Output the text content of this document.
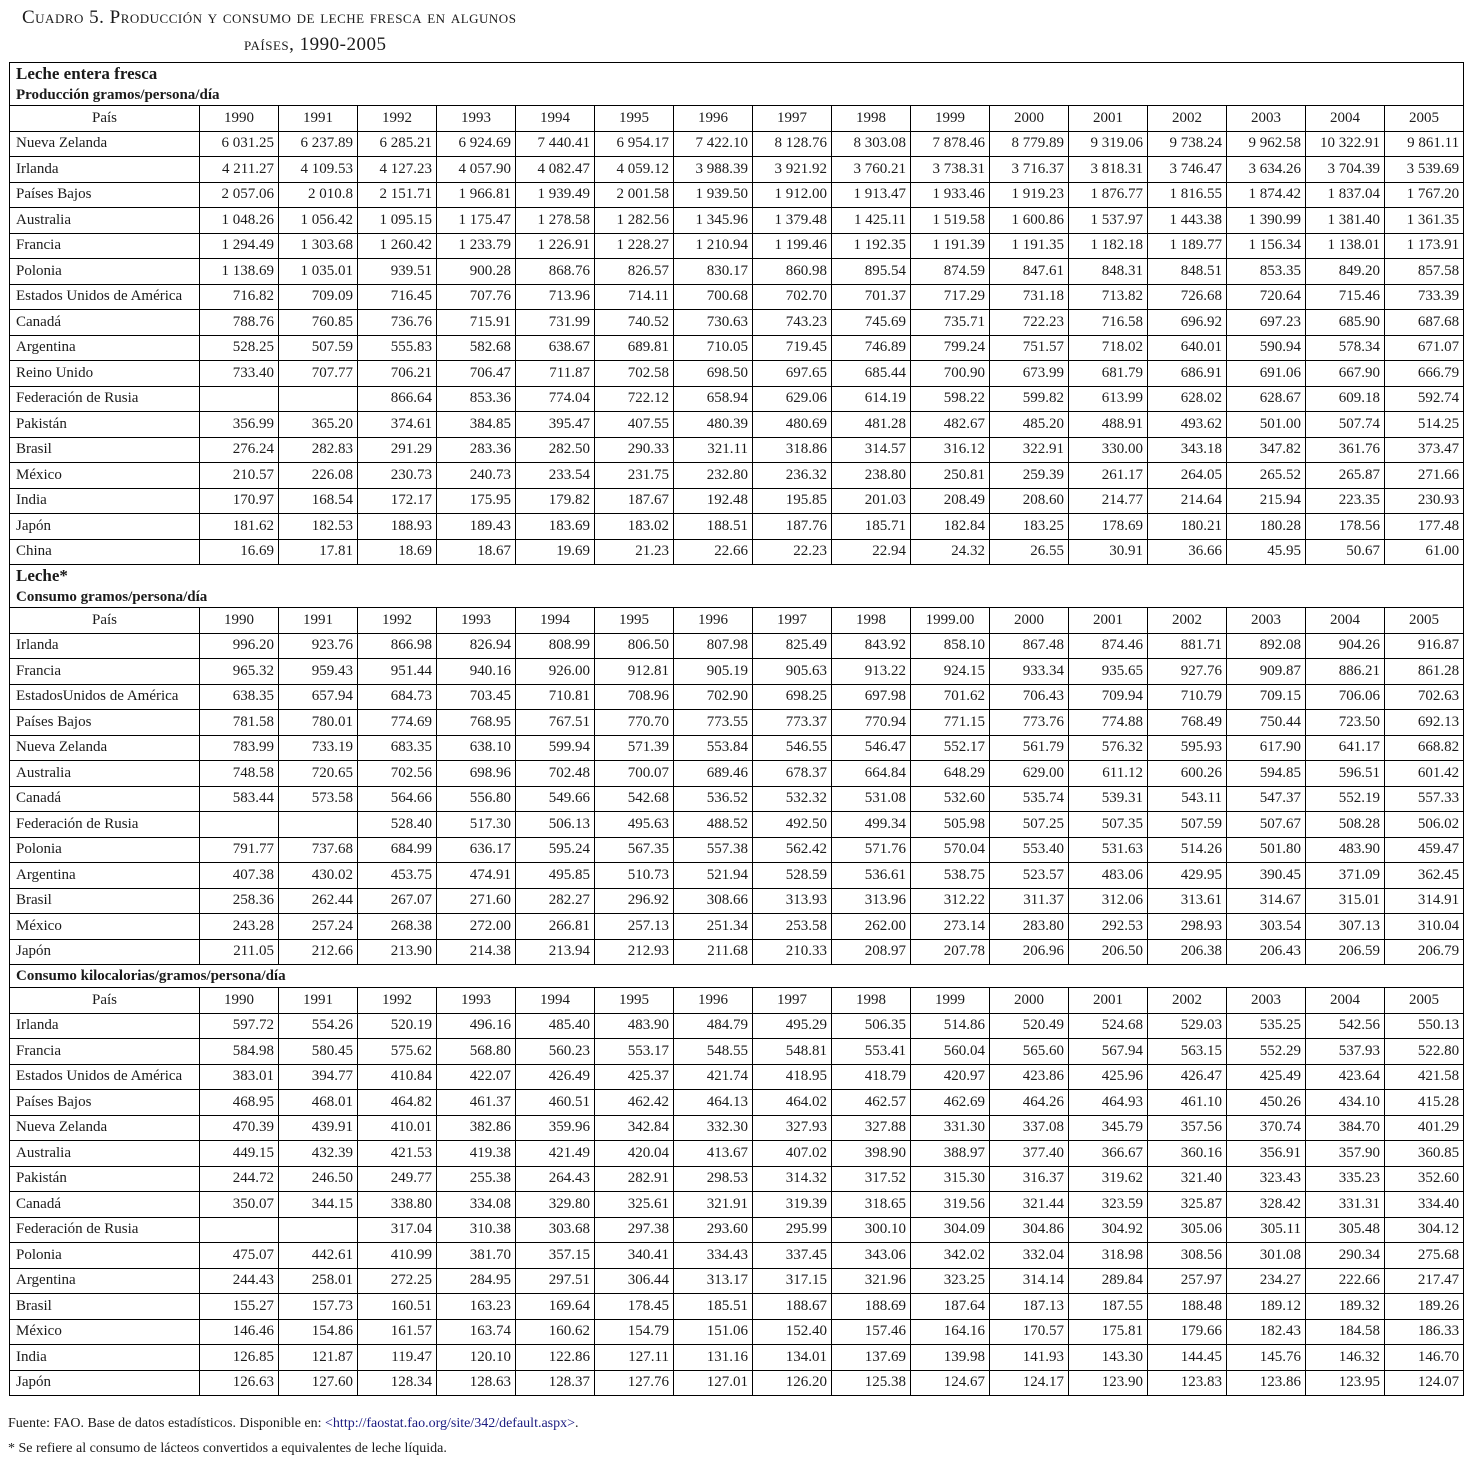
Cuadro 5. Producción y consumo de leche fresca en algunos
países, 1990-2005
Leche entera fresca																
Producción gramos/persona/día																
País	1990	1991	1992	1993	1994	1995	1996	1997	1998	1999	2000	2001	2002	2003	2004	2005
Nueva Zelanda	6 031.25	6 237.89	6 285.21	6 924.69	7 440.41	6 954.17	7 422.10	8 128.76	8 303.08	7 878.46	8 779.89	9 319.06	9 738.24	9 962.58	10 322.91	9 861.11
Irlanda	4 211.27	4 109.53	4 127.23	4 057.90	4 082.47	4 059.12	3 988.39	3 921.92	3 760.21	3 738.31	3 716.37	3 818.31	3 746.47	3 634.26	3 704.39	3 539.69
Países Bajos	2 057.06	2 010.8	2 151.71	1 966.81	1 939.49	2 001.58	1 939.50	1 912.00	1 913.47	1 933.46	1 919.23	1 876.77	1 816.55	1 874.42	1 837.04	1 767.20
Australia	1 048.26	1 056.42	1 095.15	1 175.47	1 278.58	1 282.56	1 345.96	1 379.48	1 425.11	1 519.58	1 600.86	1 537.97	1 443.38	1 390.99	1 381.40	1 361.35
Francia	1 294.49	1 303.68	1 260.42	1 233.79	1 226.91	1 228.27	1 210.94	1 199.46	1 192.35	1 191.39	1 191.35	1 182.18	1 189.77	1 156.34	1 138.01	1 173.91
Polonia	1 138.69	1 035.01	939.51	900.28	868.76	826.57	830.17	860.98	895.54	874.59	847.61	848.31	848.51	853.35	849.20	857.58
Estados Unidos de América	716.82	709.09	716.45	707.76	713.96	714.11	700.68	702.70	701.37	717.29	731.18	713.82	726.68	720.64	715.46	733.39
Canadá	788.76	760.85	736.76	715.91	731.99	740.52	730.63	743.23	745.69	735.71	722.23	716.58	696.92	697.23	685.90	687.68
Argentina	528.25	507.59	555.83	582.68	638.67	689.81	710.05	719.45	746.89	799.24	751.57	718.02	640.01	590.94	578.34	671.07
Reino Unido	733.40	707.77	706.21	706.47	711.87	702.58	698.50	697.65	685.44	700.90	673.99	681.79	686.91	691.06	667.90	666.79
Federación de Rusia			866.64	853.36	774.04	722.12	658.94	629.06	614.19	598.22	599.82	613.99	628.02	628.67	609.18	592.74
Pakistán	356.99	365.20	374.61	384.85	395.47	407.55	480.39	480.69	481.28	482.67	485.20	488.91	493.62	501.00	507.74	514.25
Brasil	276.24	282.83	291.29	283.36	282.50	290.33	321.11	318.86	314.57	316.12	322.91	330.00	343.18	347.82	361.76	373.47
México	210.57	226.08	230.73	240.73	233.54	231.75	232.80	236.32	238.80	250.81	259.39	261.17	264.05	265.52	265.87	271.66
India	170.97	168.54	172.17	175.95	179.82	187.67	192.48	195.85	201.03	208.49	208.60	214.77	214.64	215.94	223.35	230.93
Japón	181.62	182.53	188.93	189.43	183.69	183.02	188.51	187.76	185.71	182.84	183.25	178.69	180.21	180.28	178.56	177.48
China	16.69	17.81	18.69	18.67	19.69	21.23	22.66	22.23	22.94	24.32	26.55	30.91	36.66	45.95	50.67	61.00
Leche*																
Consumo gramos/persona/día																
País	1990	1991	1992	1993	1994	1995	1996	1997	1998	1999.00	2000	2001	2002	2003	2004	2005
Irlanda	996.20	923.76	866.98	826.94	808.99	806.50	807.98	825.49	843.92	858.10	867.48	874.46	881.71	892.08	904.26	916.87
Francia	965.32	959.43	951.44	940.16	926.00	912.81	905.19	905.63	913.22	924.15	933.34	935.65	927.76	909.87	886.21	861.28
EstadosUnidos de América	638.35	657.94	684.73	703.45	710.81	708.96	702.90	698.25	697.98	701.62	706.43	709.94	710.79	709.15	706.06	702.63
Países Bajos	781.58	780.01	774.69	768.95	767.51	770.70	773.55	773.37	770.94	771.15	773.76	774.88	768.49	750.44	723.50	692.13
Nueva Zelanda	783.99	733.19	683.35	638.10	599.94	571.39	553.84	546.55	546.47	552.17	561.79	576.32	595.93	617.90	641.17	668.82
Australia	748.58	720.65	702.56	698.96	702.48	700.07	689.46	678.37	664.84	648.29	629.00	611.12	600.26	594.85	596.51	601.42
Canadá	583.44	573.58	564.66	556.80	549.66	542.68	536.52	532.32	531.08	532.60	535.74	539.31	543.11	547.37	552.19	557.33
Federación de Rusia			528.40	517.30	506.13	495.63	488.52	492.50	499.34	505.98	507.25	507.35	507.59	507.67	508.28	506.02
Polonia	791.77	737.68	684.99	636.17	595.24	567.35	557.38	562.42	571.76	570.04	553.40	531.63	514.26	501.80	483.90	459.47
Argentina	407.38	430.02	453.75	474.91	495.85	510.73	521.94	528.59	536.61	538.75	523.57	483.06	429.95	390.45	371.09	362.45
Brasil	258.36	262.44	267.07	271.60	282.27	296.92	308.66	313.93	313.96	312.22	311.37	312.06	313.61	314.67	315.01	314.91
México	243.28	257.24	268.38	272.00	266.81	257.13	251.34	253.58	262.00	273.14	283.80	292.53	298.93	303.54	307.13	310.04
Japón	211.05	212.66	213.90	214.38	213.94	212.93	211.68	210.33	208.97	207.78	206.96	206.50	206.38	206.43	206.59	206.79
Consumo kilocalorias/gramos/persona/día																
País	1990	1991	1992	1993	1994	1995	1996	1997	1998	1999	2000	2001	2002	2003	2004	2005
Irlanda	597.72	554.26	520.19	496.16	485.40	483.90	484.79	495.29	506.35	514.86	520.49	524.68	529.03	535.25	542.56	550.13
Francia	584.98	580.45	575.62	568.80	560.23	553.17	548.55	548.81	553.41	560.04	565.60	567.94	563.15	552.29	537.93	522.80
Estados Unidos de América	383.01	394.77	410.84	422.07	426.49	425.37	421.74	418.95	418.79	420.97	423.86	425.96	426.47	425.49	423.64	421.58
Países Bajos	468.95	468.01	464.82	461.37	460.51	462.42	464.13	464.02	462.57	462.69	464.26	464.93	461.10	450.26	434.10	415.28
Nueva Zelanda	470.39	439.91	410.01	382.86	359.96	342.84	332.30	327.93	327.88	331.30	337.08	345.79	357.56	370.74	384.70	401.29
Australia	449.15	432.39	421.53	419.38	421.49	420.04	413.67	407.02	398.90	388.97	377.40	366.67	360.16	356.91	357.90	360.85
Pakistán	244.72	246.50	249.77	255.38	264.43	282.91	298.53	314.32	317.52	315.30	316.37	319.62	321.40	323.43	335.23	352.60
Canadá	350.07	344.15	338.80	334.08	329.80	325.61	321.91	319.39	318.65	319.56	321.44	323.59	325.87	328.42	331.31	334.40
Federación de Rusia			317.04	310.38	303.68	297.38	293.60	295.99	300.10	304.09	304.86	304.92	305.06	305.11	305.48	304.12
Polonia	475.07	442.61	410.99	381.70	357.15	340.41	334.43	337.45	343.06	342.02	332.04	318.98	308.56	301.08	290.34	275.68
Argentina	244.43	258.01	272.25	284.95	297.51	306.44	313.17	317.15	321.96	323.25	314.14	289.84	257.97	234.27	222.66	217.47
Brasil	155.27	157.73	160.51	163.23	169.64	178.45	185.51	188.67	188.69	187.64	187.13	187.55	188.48	189.12	189.32	189.26
México	146.46	154.86	161.57	163.74	160.62	154.79	151.06	152.40	157.46	164.16	170.57	175.81	179.66	182.43	184.58	186.33
India	126.85	121.87	119.47	120.10	122.86	127.11	131.16	134.01	137.69	139.98	141.93	143.30	144.45	145.76	146.32	146.70
Japón	126.63	127.60	128.34	128.63	128.37	127.76	127.01	126.20	125.38	124.67	124.17	123.90	123.83	123.86	123.95	124.07
Fuente: FAO. Base de datos estadísticos. Disponible en: <http://faostat.fao.org/site/342/default.aspx>.
* Se refiere al consumo de lácteos convertidos a equivalentes de leche líquida.
